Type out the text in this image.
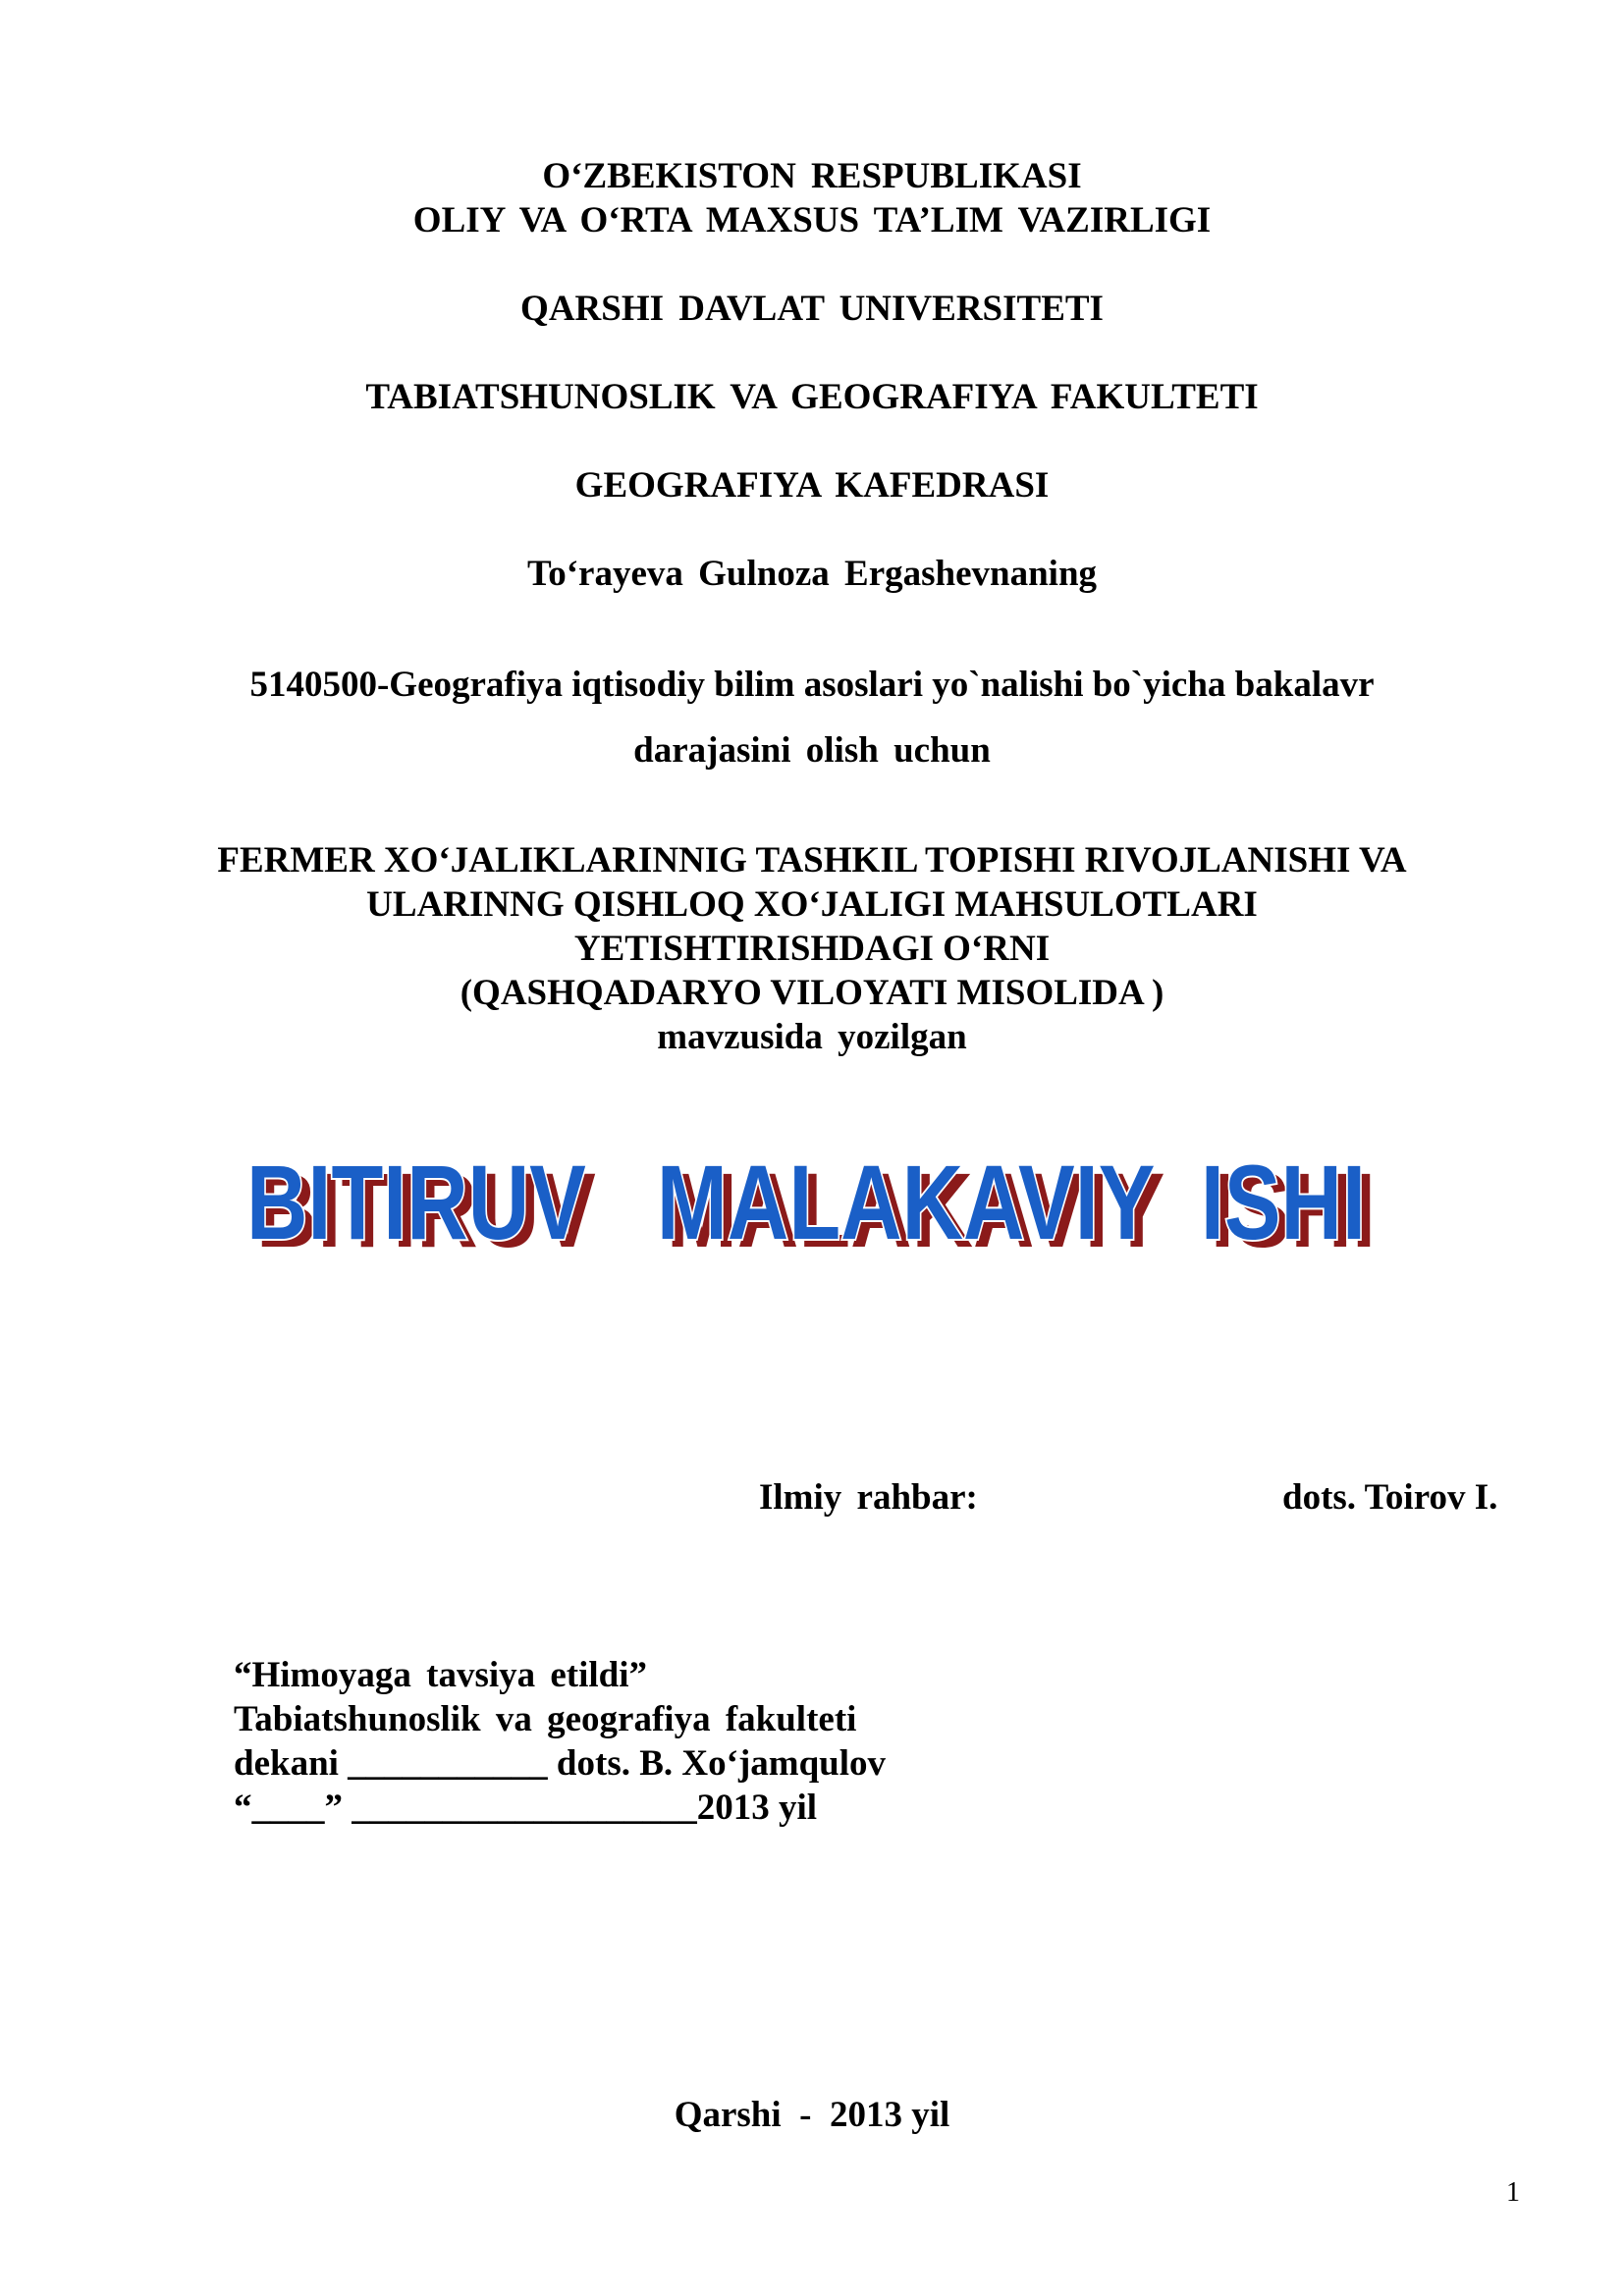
O‘ZBEKISTON RESPUBLIKASI
OLIY VA O‘RTA MAXSUS TA’LIM VAZIRLIGI
QARSHI DAVLAT UNIVERSITETI
TABIATSHUNOSLIK VA GEOGRAFIYA FAKULTETI
GEOGRAFIYA KAFEDRASI
To‘rayeva Gulnoza Ergashevnaning
5140500-Geografiya iqtisodiy bilim asoslari yo`nalishi bo`yicha bakalavr
darajasini olish uchun
FERMER XO‘JALIKLARINNIG TASHKIL TOPISHI RIVOJLANISHI VA
ULARINNG QISHLOQ XO‘JALIGI MAHSULOTLARI
YETISHTIRISHDAGI O‘RNI
(QASHQADARYO VILOYATI MISOLIDA )
mavzusida yozilgan
BITIRUV   MALAKAVIY  ISHI
BITIRUV   MALAKAVIY  ISHI
Ilmiy rahbar:	dots. Toirov I.
“Himoyaga tavsiya etildi”
Tabiatshunoslik va geografiya fakulteti
dekani ___________ dots. B. Xo‘jamqulov
“____” ___________________2013 yil
Qarshi  -  2013 yil
1
